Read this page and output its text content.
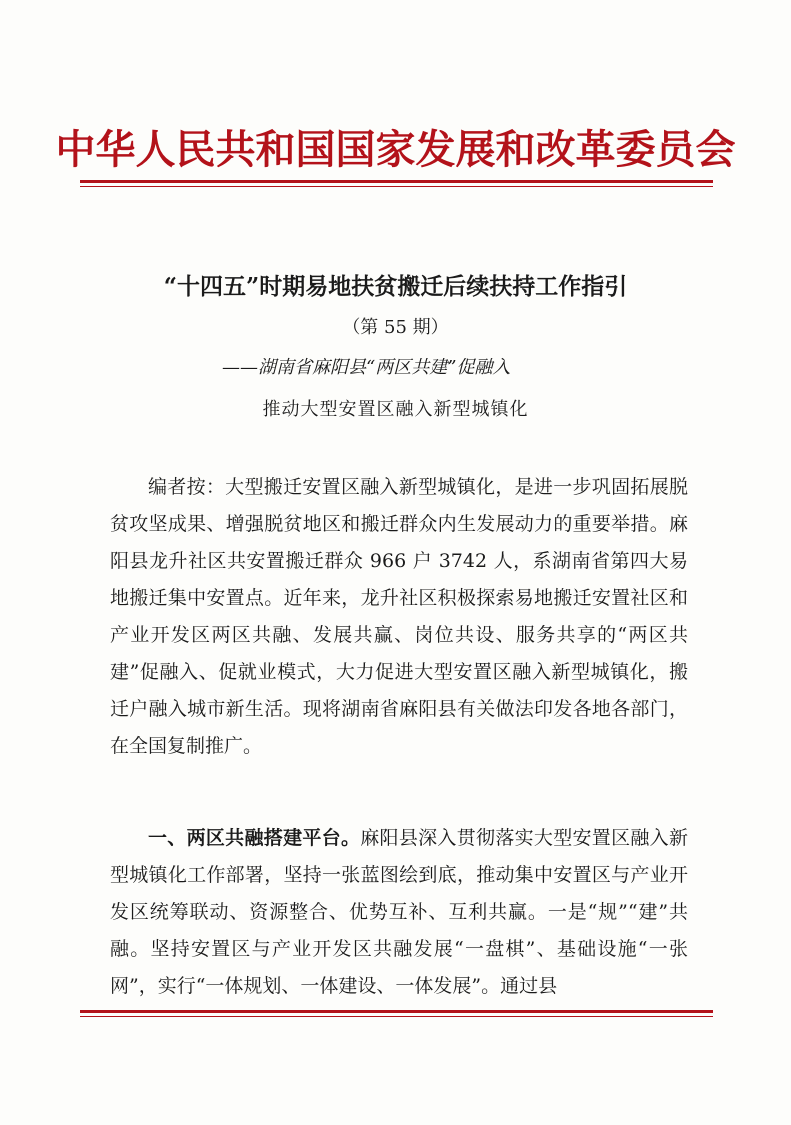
中华人民共和国国家发展和改革委员会
“十四五”时期易地扶贫搬迁后续扶持工作指引
（第 55 期）
——湖南省麻阳县“两区共建”促融入
推动大型安置区融入新型城镇化

编者按：大型搬迁安置区融入新型城镇化，是进一步巩固拓展脱贫攻坚成果、增强脱贫地区和搬迁群众内生发展动力的重要举措。麻阳县龙升社区共安置搬迁群众 966 户 3742 人，系湖南省第四大易地搬迁集中安置点。近年来，龙升社区积极探索易地搬迁安置社区和产业开发区两区共融、发展共赢、岗位共设、服务共享的“两区共建”促融入、促就业模式，大力促进大型安置区融入新型城镇化，搬迁户融入城市新生活。现将湖南省麻阳县有关做法印发各地各部门，在全国复制推广。

一、两区共融搭建平台。麻阳县深入贯彻落实大型安置区融入新型城镇化工作部署，坚持一张蓝图绘到底，推动集中安置区与产业开发区统筹联动、资源整合、优势互补、互利共赢。一是“规”“建”共融。坚持安置区与产业开发区共融发展“一盘棋”、基础设施“一张网”，实行“一体规划、一体建设、一体发展”。通过县
